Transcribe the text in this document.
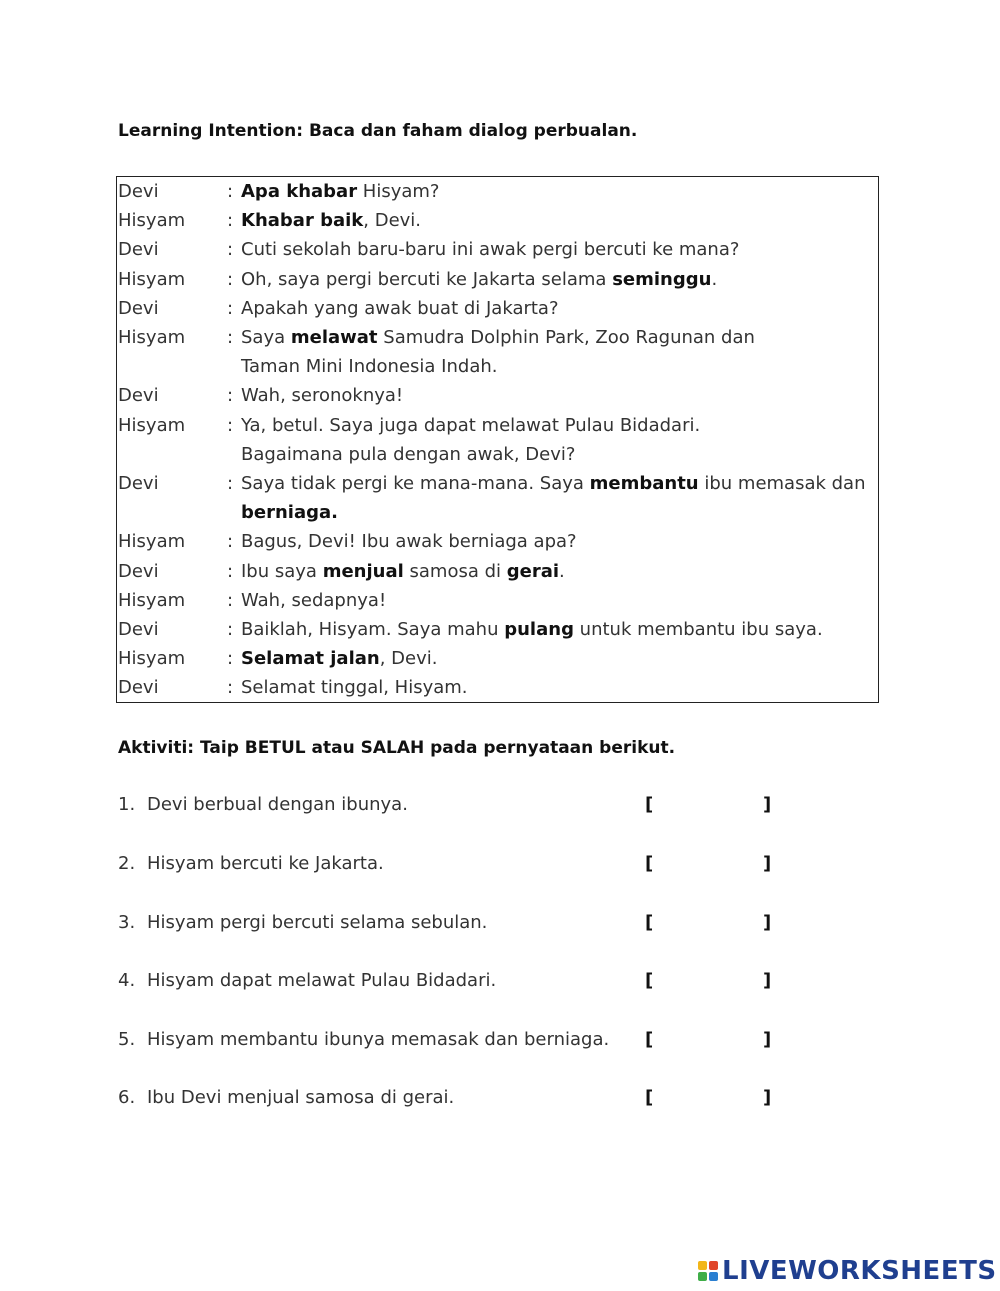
Learning Intention: Baca dan faham dialog perbualan.
Devi	: Apa khabar Hisyam?
Hisyam : Khabar baik, Devi.
Devi	: Cuti sekolah baru-baru ini awak pergi bercuti ke mana?
Hisyam : Oh, saya pergi bercuti ke Jakarta selama seminggu.
Devi	: Apakah yang awak buat di Jakarta?
Hisyam : Saya melawat Samudra Dolphin Park, Zoo Ragunan dan
Taman Mini Indonesia Indah.
Devi	: Wah, seronoknya!
Hisyam : Ya, betul. Saya juga dapat melawat Pulau Bidadari.
Bagaimana pula dengan awak, Devi?
Devi	: Saya tidak pergi ke mana-mana. Saya membantu ibu memasak dan
berniaga.
Hisyam : Bagus, Devi! Ibu awak berniaga apa?
Devi	: Ibu saya menjual samosa di gerai.
Hisyam : Wah, sedapnya!
Devi	: Baiklah, Hisyam. Saya mahu pulang untuk membantu ibu saya.
Hisyam : Selamat jalan, Devi.
Devi	: Selamat tinggal, Hisyam.
Aktiviti: Taip BETUL atau SALAH pada pernyataan berikut.
1. Devi berbual dengan ibunya.	[	]
2. Hisyam bercuti ke Jakarta.	[	]
3. Hisyam pergi bercuti selama sebulan.	[	]
4. Hisyam dapat melawat Pulau Bidadari.	[	]
5. Hisyam membantu ibunya memasak dan berniaga. [	]
6. Ibu Devi menjual samosa di gerai.	[	]
LIVEWORKSHEETS
